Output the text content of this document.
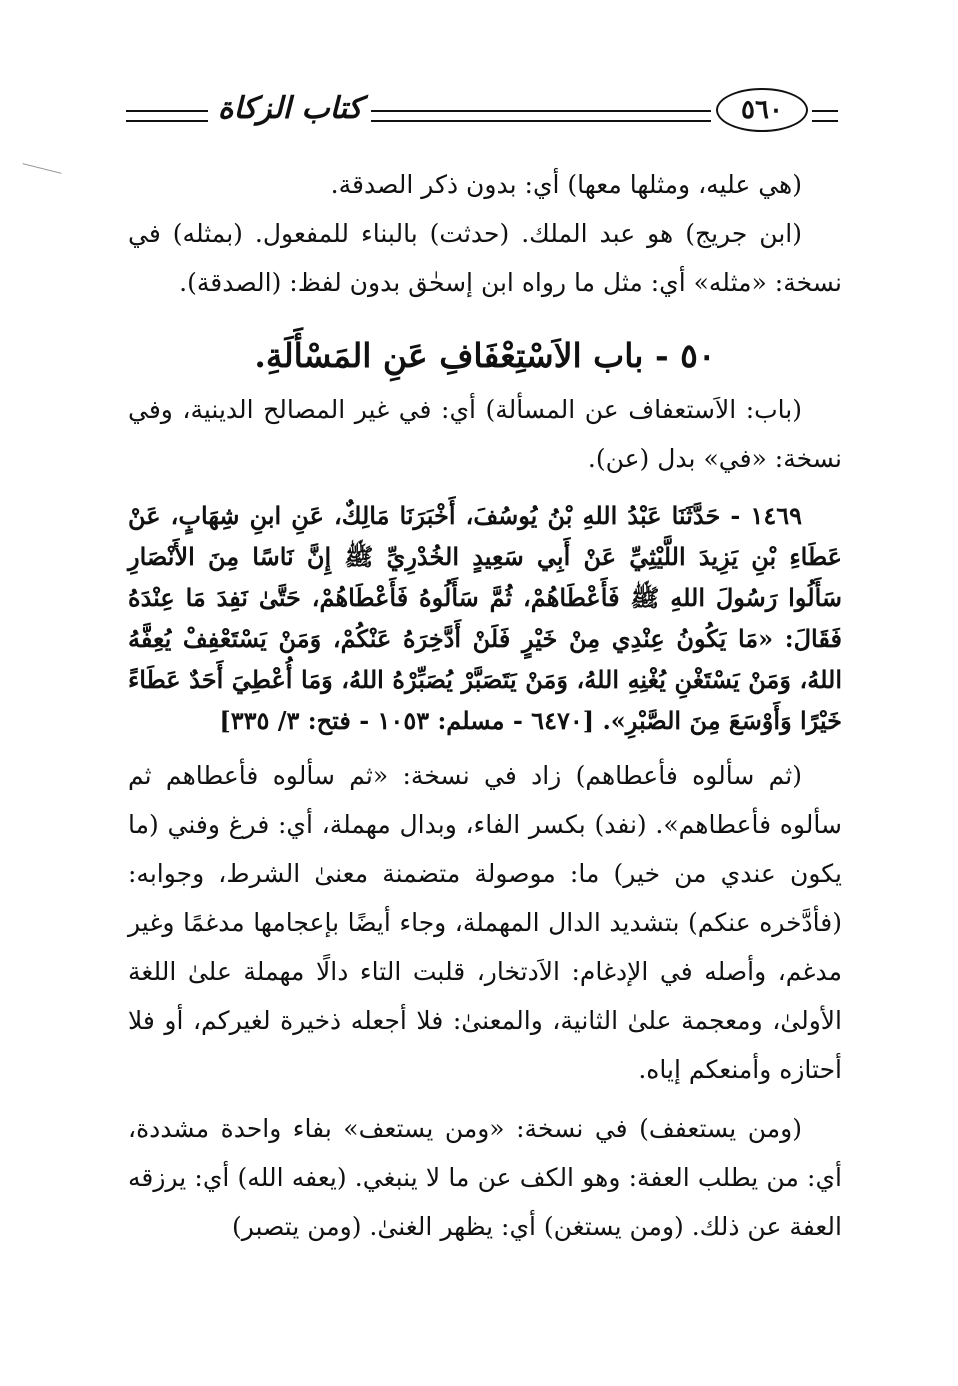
كتاب الزكاة	٥٦٠

(هي عليه، ومثلها معها) أي: بدون ذكر الصدقة.

(ابن جريج) هو عبد الملك. (حدثت) بالبناء للمفعول. (بمثله) في نسخة: «مثله» أي: مثل ما رواه ابن إسحٰق بدون لفظ: (الصدقة).

٥٠ - باب الاَسْتِعْفَافِ عَنِ المَسْأَلَةِ.

(باب: الاَستعفاف عن المسألة) أي: في غير المصالح الدينية، وفي نسخة: «في» بدل (عن).

١٤٦٩ - حَدَّثَنَا عَبْدُ اللهِ بْنُ يُوسُفَ، أَخْبَرَنَا مَالِكٌ، عَنِ ابنِ شِهَابٍ، عَنْ عَطَاءِ بْنِ يَزِيدَ اللَّيْثِيِّ عَنْ أَبِي سَعِيدٍ الخُدْرِيِّ ﷺ إِنَّ نَاسًا مِنَ الأَنْصَارِ سَأَلُوا رَسُولَ اللهِ ﷺ فَأَعْطَاهُمْ، ثُمَّ سَأَلُوهُ فَأَعْطَاهُمْ، حَتَّىٰ نَفِدَ مَا عِنْدَهُ فَقَالَ: «مَا يَكُونُ عِنْدِي مِنْ خَيْرٍ فَلَنْ أَدَّخِرَهُ عَنْكُمْ، وَمَنْ يَسْتَعْفِفْ يُعِفَّهُ اللهُ، وَمَنْ يَسْتَغْنِ يُغْنِهِ اللهُ، وَمَنْ يَتَصَبَّرْ يُصَبِّرْهُ اللهُ، وَمَا أُعْطِيَ أَحَدٌ عَطَاءً خَيْرًا وَأَوْسَعَ مِنَ الصَّبْرِ». [٦٤٧٠ - مسلم: ١٠٥٣ - فتح: ٣/ ٣٣٥]

(ثم سألوه فأعطاهم) زاد في نسخة: «ثم سألوه فأعطاهم ثم سألوه فأعطاهم». (نفد) بكسر الفاء، وبدال مهملة، أي: فرغ وفني (ما يكون عندي من خير) ما: موصولة متضمنة معنىٰ الشرط، وجوابه: (فأدَّخره عنكم) بتشديد الدال المهملة، وجاء أيضًا بإعجامها مدغمًا وغير مدغم، وأصله في الإدغام: الاَدتخار، قلبت التاء دالًا مهملة علىٰ اللغة الأولىٰ، ومعجمة علىٰ الثانية، والمعنىٰ: فلا أجعله ذخيرة لغيركم، أو فلا أحتازه وأمنعكم إياه.

(ومن يستعفف) في نسخة: «ومن يستعف» بفاء واحدة مشددة، أي: من يطلب العفة: وهو الكف عن ما لا ينبغي. (يعفه الله) أي: يرزقه العفة عن ذلك. (ومن يستغن) أي: يظهر الغنىٰ. (ومن يتصبر)
